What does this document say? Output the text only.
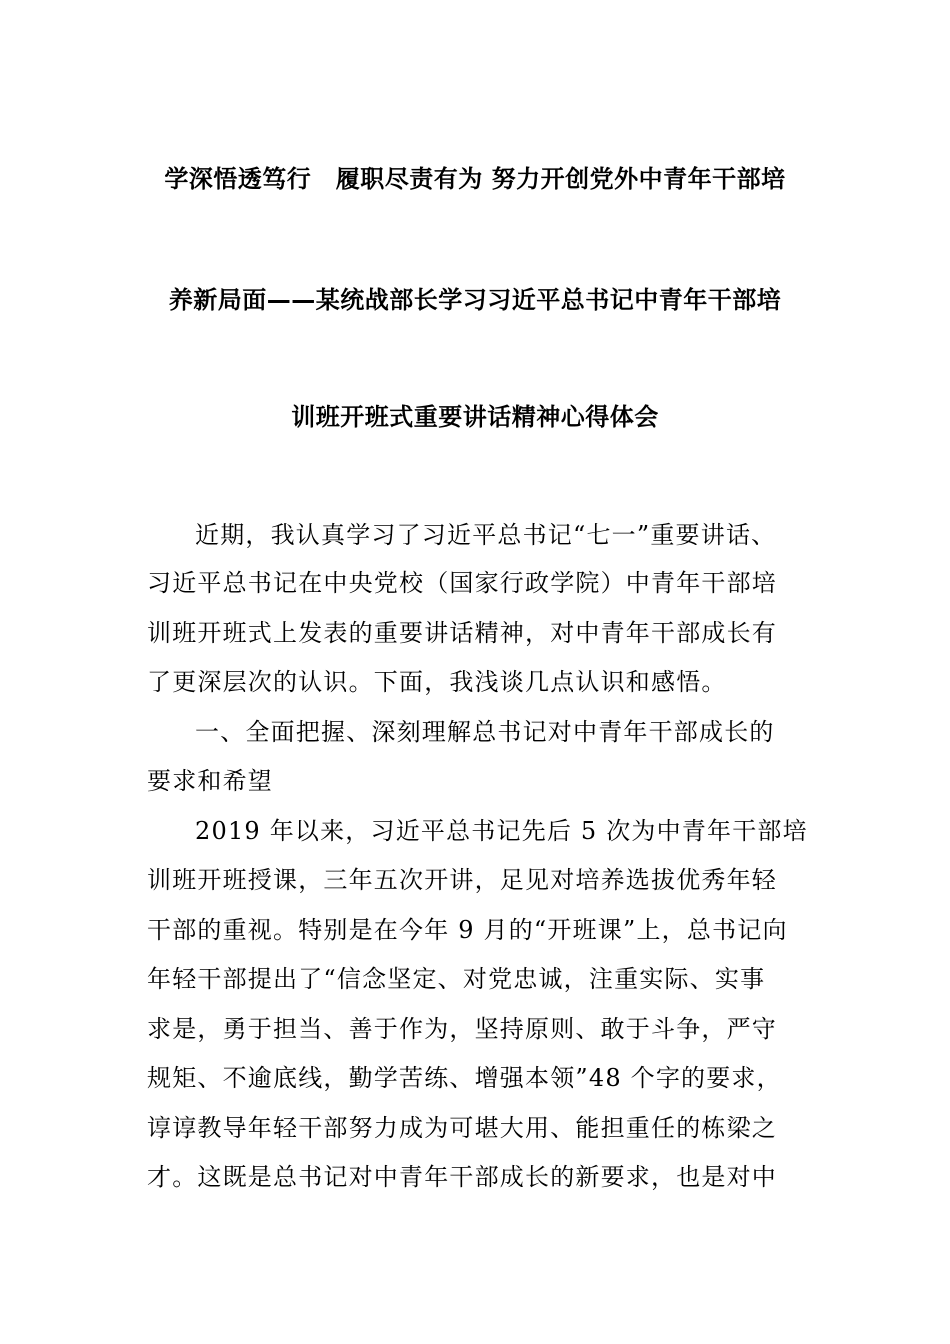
学深悟透笃行　履职尽责有为 努力开创党外中青年干部培
养新局面——某统战部长学习习近平总书记中青年干部培
训班开班式重要讲话精神心得体会
近期，我认真学习了习近平总书记“七一”重要讲话、
习近平总书记在中央党校（国家行政学院）中青年干部培
训班开班式上发表的重要讲话精神，对中青年干部成长有
了更深层次的认识。下面，我浅谈几点认识和感悟。
一、全面把握、深刻理解总书记对中青年干部成长的
要求和希望
2019 年以来，习近平总书记先后 5 次为中青年干部培
训班开班授课，三年五次开讲，足见对培养选拔优秀年轻
干部的重视。特别是在今年 9 月的“开班课”上，总书记向
年轻干部提出了“信念坚定、对党忠诚，注重实际、实事
求是，勇于担当、善于作为，坚持原则、敢于斗争，严守
规矩、不逾底线，勤学苦练、增强本领”48 个字的要求，
谆谆教导年轻干部努力成为可堪大用、能担重任的栋梁之
才。这既是总书记对中青年干部成长的新要求，也是对中
